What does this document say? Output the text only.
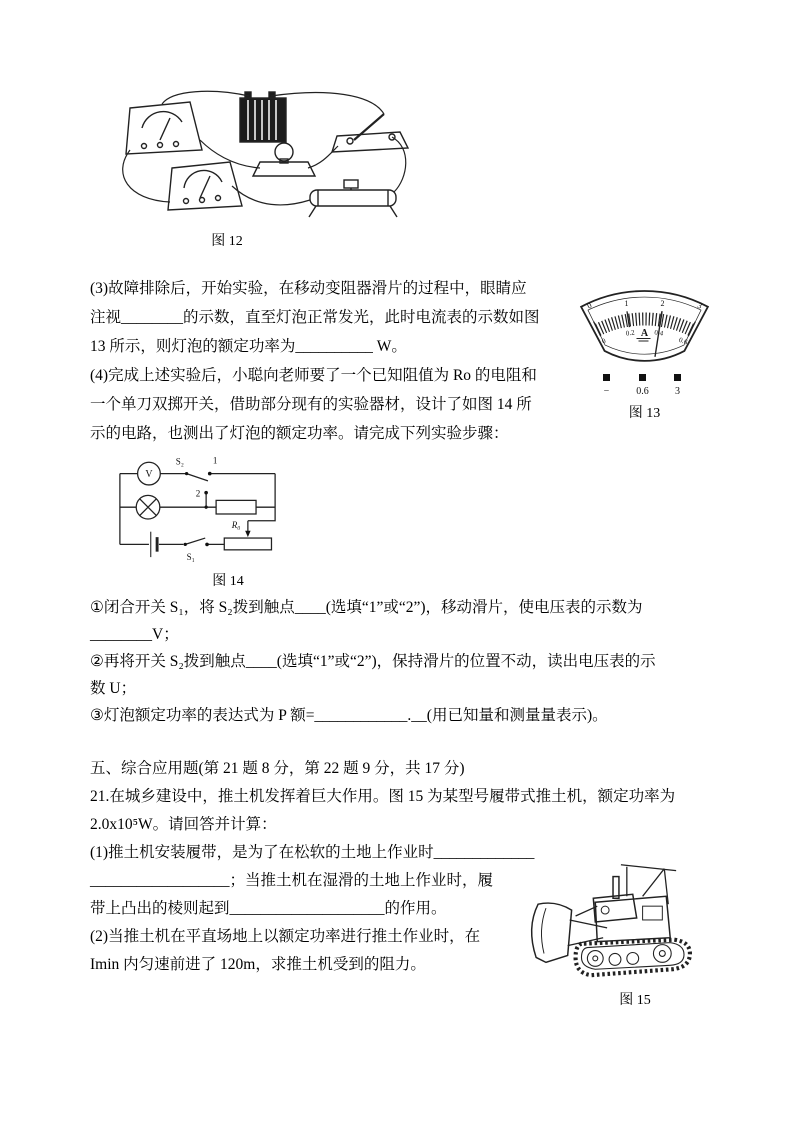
图 12
0	1	2	3
0
0.2	0.4
0.6
A
−	0.6	3
图 13
(3)故障排除后，开始实验，在移动变阻器滑片的过程中，眼睛应
注视________的示数，直至灯泡正常发光，此时电流表的示数如图
13 所示，则灯泡的额定功率为__________ W。
(4)完成上述实验后，小聪向老师要了一个已知阻值为 Ro 的电阻和
一个单刀双掷开关，借助部分现有的实验器材，设计了如图 14 所
示的电路，也测出了灯泡的额定功率。请完成下列实验步骤：
V
S₂	1
2
R₀
S₁
图 14
①闭合开关 S₁，将 S₂拨到触点____(选填“1”或“2”)，移动滑片，使电压表的示数为
________V；
②再将开关 S₂拨到触点____(选填“1”或“2”)，保持滑片的位置不动，读出电压表的示
数 U；
③灯泡额定功率的表达式为 P 额=____________.__(用已知量和测量量表示)。
五、综合应用题(第 21 题 8 分，第 22 题 9 分，共 17 分)
21.在城乡建设中，推土机发挥着巨大作用。图 15 为某型号履带式推土机，额定功率为
2.0x10⁵W。请回答并计算：
图 15
(1)推土机安装履带，是为了在松软的土地上作业时_____________
__________________；当推土机在湿滑的土地上作业时，履
带上凸出的棱则起到____________________的作用。
(2)当推土机在平直场地上以额定功率进行推土作业时，在
Imin 内匀速前进了 120m，求推土机受到的阻力。
